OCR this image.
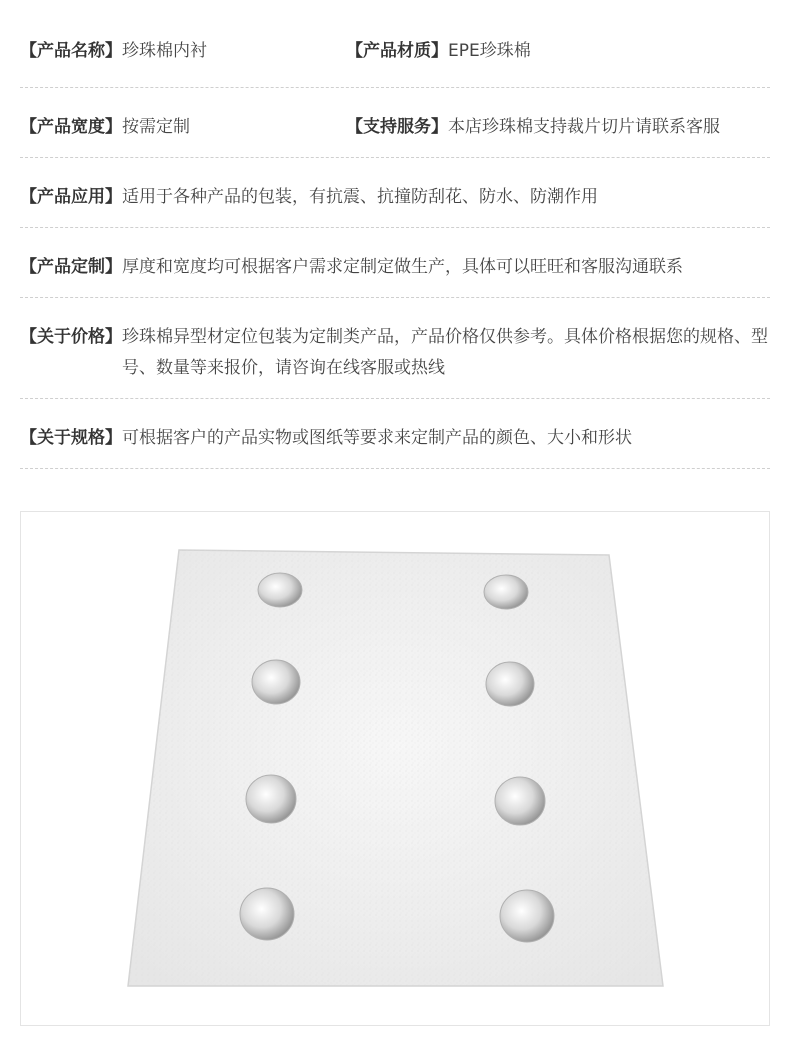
【产品名称】珍珠棉内衬	【产品材质】EPE珍珠棉
【产品宽度】按需定制	【支持服务】本店珍珠棉支持裁片切片请联系客服
【产品应用】适用于各种产品的包装，有抗震、抗撞防刮花、防水、防潮作用
【产品定制】厚度和宽度均可根据客户需求定制定做生产，具体可以旺旺和客服沟通联系
【关于价格】 珍珠棉异型材定位包装为定制类产品，产品价格仅供参考。具体价格根据您的规格、型号、数量等来报价，请咨询在线客服或热线
【关于规格】可根据客户的产品实物或图纸等要求来定制产品的颜色、大小和形状
